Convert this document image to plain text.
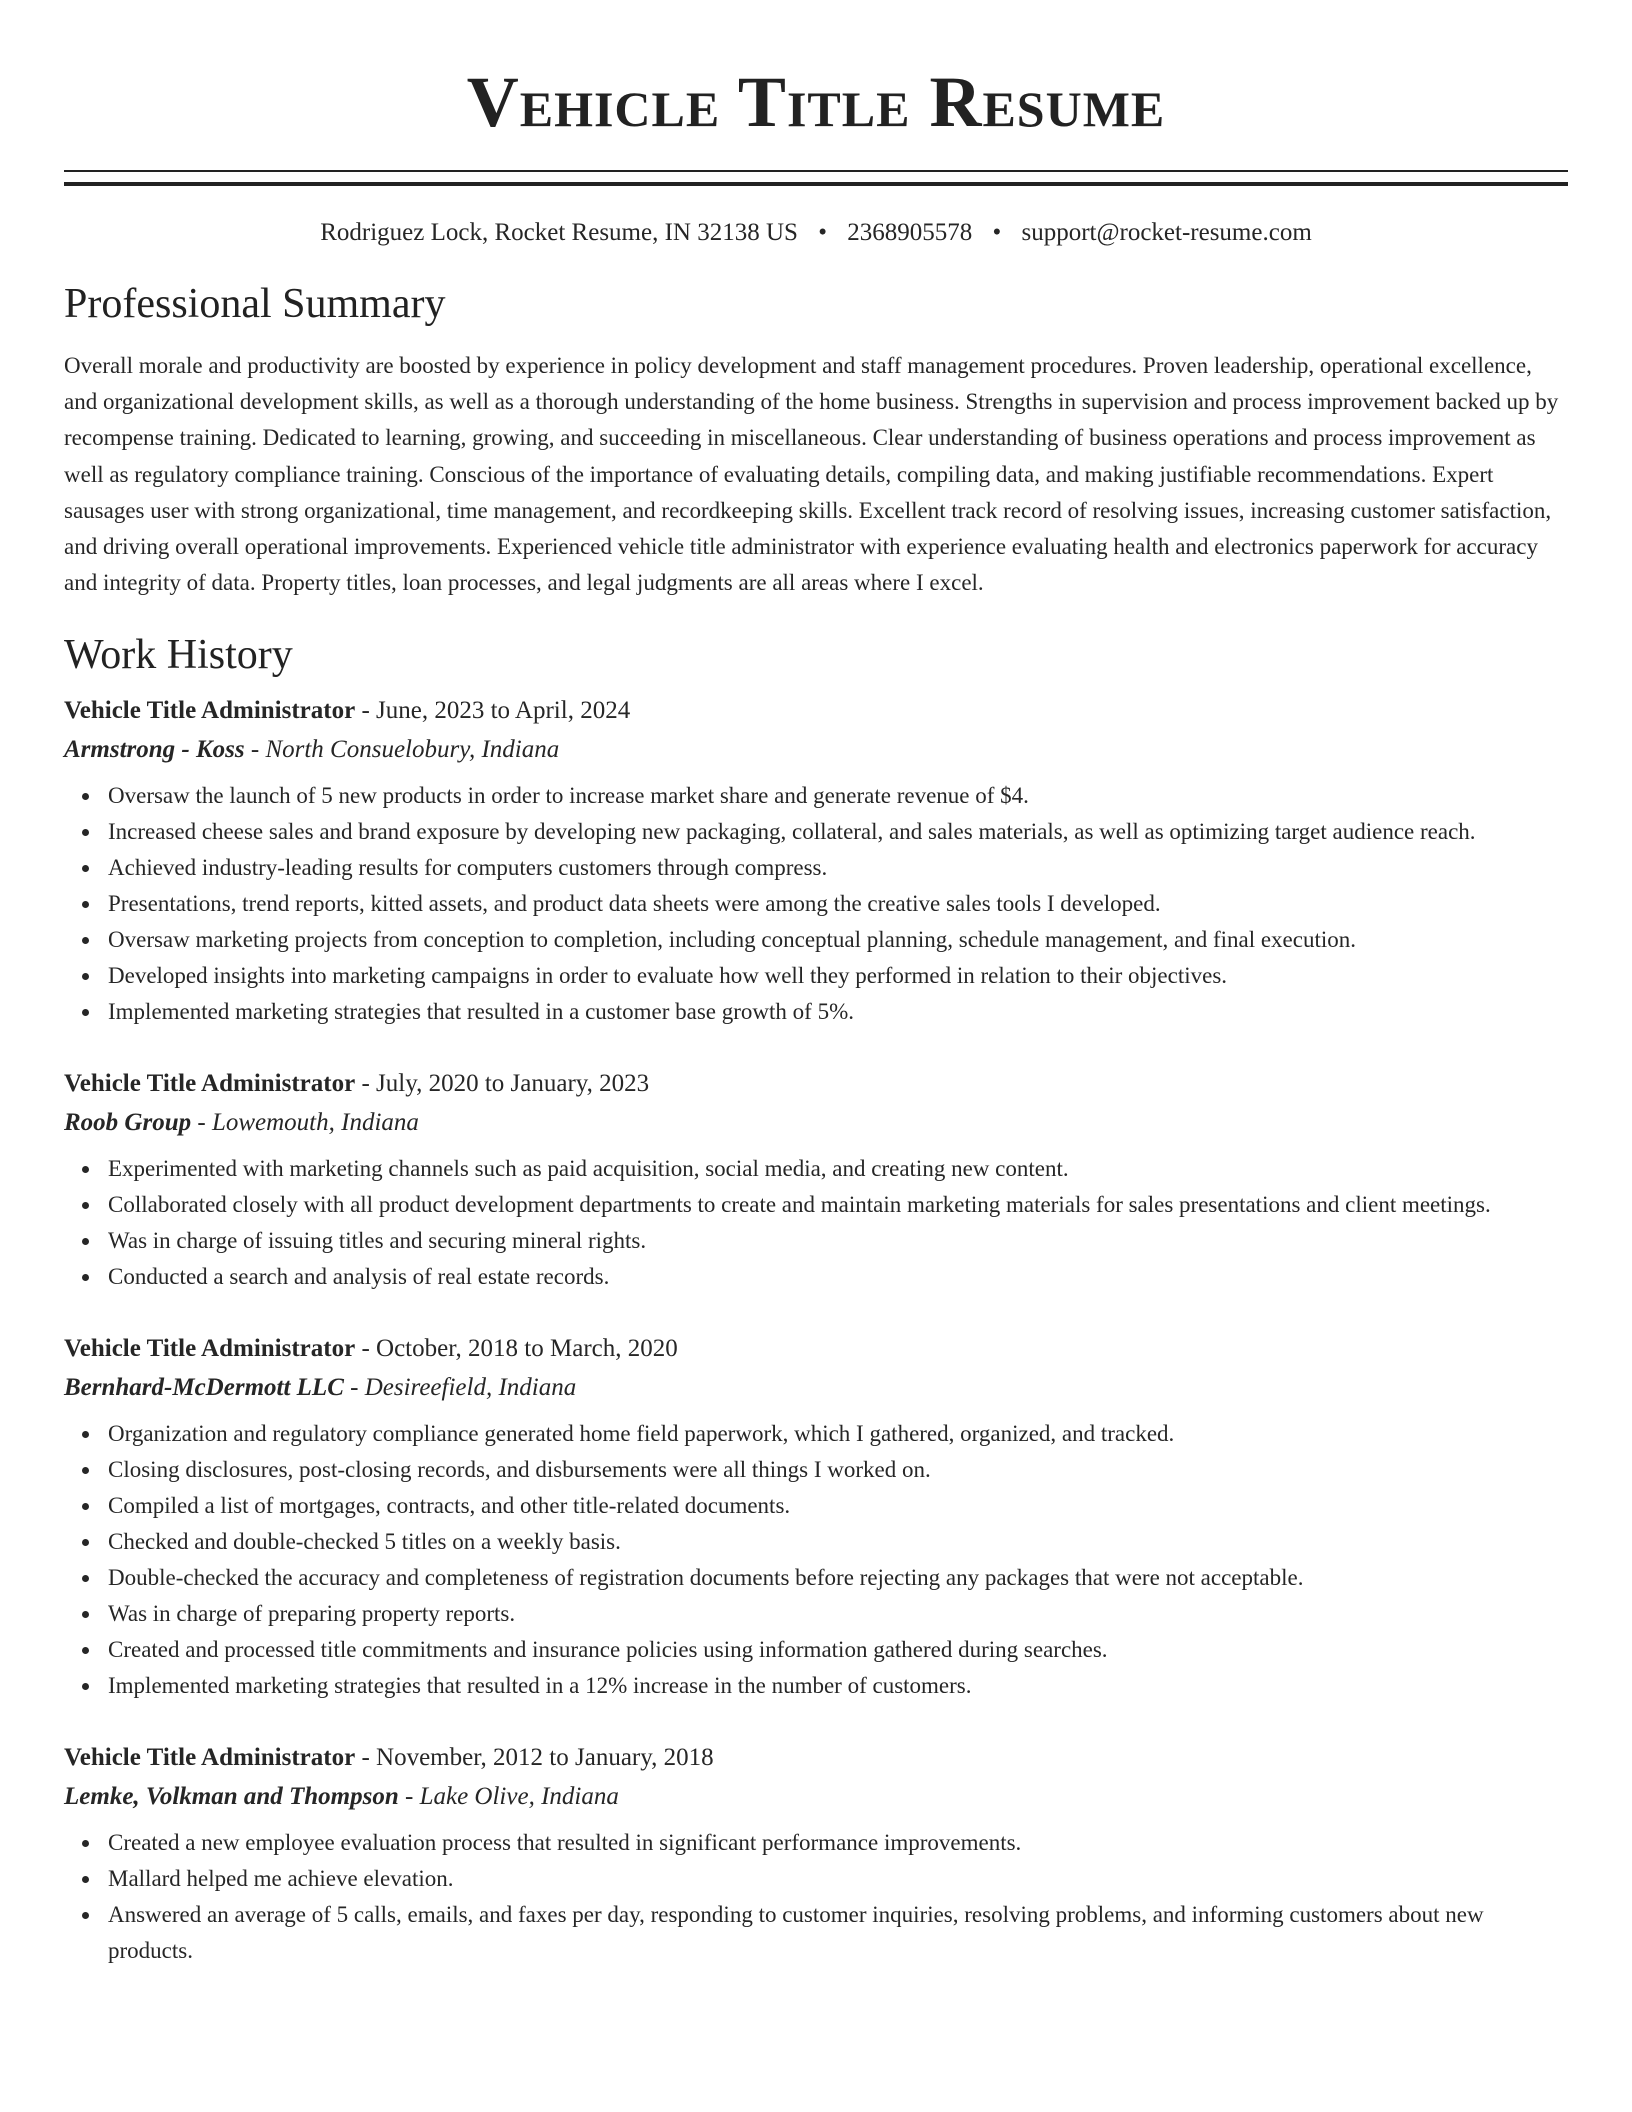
Vehicle Title Resume
Rodriguez Lock, Rocket Resume, IN 32138 US • 2368905578 • support@rocket-resume.com
Professional Summary

Overall morale and productivity are boosted by experience in policy development and staff management procedures. Proven leadership, operational excellence, and organizational development skills, as well as a thorough understanding of the home business. Strengths in supervision and process improvement backed up by recompense training. Dedicated to learning, growing, and succeeding in miscellaneous. Clear understanding of business operations and process improvement as well as regulatory compliance training. Conscious of the importance of evaluating details, compiling data, and making justifiable recommendations. Expert sausages user with strong organizational, time management, and recordkeeping skills. Excellent track record of resolving issues, increasing customer satisfaction, and driving overall operational improvements. Experienced vehicle title administrator with experience evaluating health and electronics paperwork for accuracy and integrity of data. Property titles, loan processes, and legal judgments are all areas where I excel.

Work History
Vehicle Title Administrator - June, 2023 to April, 2024
Armstrong - Koss - North Consuelobury, Indiana
Oversaw the launch of 5 new products in order to increase market share and generate revenue of $4.
Increased cheese sales and brand exposure by developing new packaging, collateral, and sales materials, as well as optimizing target audience reach.
Achieved industry-leading results for computers customers through compress.
Presentations, trend reports, kitted assets, and product data sheets were among the creative sales tools I developed.
Oversaw marketing projects from conception to completion, including conceptual planning, schedule management, and final execution.
Developed insights into marketing campaigns in order to evaluate how well they performed in relation to their objectives.
Implemented marketing strategies that resulted in a customer base growth of 5%.
Vehicle Title Administrator - July, 2020 to January, 2023
Roob Group - Lowemouth, Indiana
Experimented with marketing channels such as paid acquisition, social media, and creating new content.
Collaborated closely with all product development departments to create and maintain marketing materials for sales presentations and client meetings.
Was in charge of issuing titles and securing mineral rights.
Conducted a search and analysis of real estate records.
Vehicle Title Administrator - October, 2018 to March, 2020
Bernhard-McDermott LLC - Desireefield, Indiana
Organization and regulatory compliance generated home field paperwork, which I gathered, organized, and tracked.
Closing disclosures, post-closing records, and disbursements were all things I worked on.
Compiled a list of mortgages, contracts, and other title-related documents.
Checked and double-checked 5 titles on a weekly basis.
Double-checked the accuracy and completeness of registration documents before rejecting any packages that were not acceptable.
Was in charge of preparing property reports.
Created and processed title commitments and insurance policies using information gathered during searches.
Implemented marketing strategies that resulted in a 12% increase in the number of customers.
Vehicle Title Administrator - November, 2012 to January, 2018
Lemke, Volkman and Thompson - Lake Olive, Indiana
Created a new employee evaluation process that resulted in significant performance improvements.
Mallard helped me achieve elevation.
Answered an average of 5 calls, emails, and faxes per day, responding to customer inquiries, resolving problems, and informing customers about new products.
